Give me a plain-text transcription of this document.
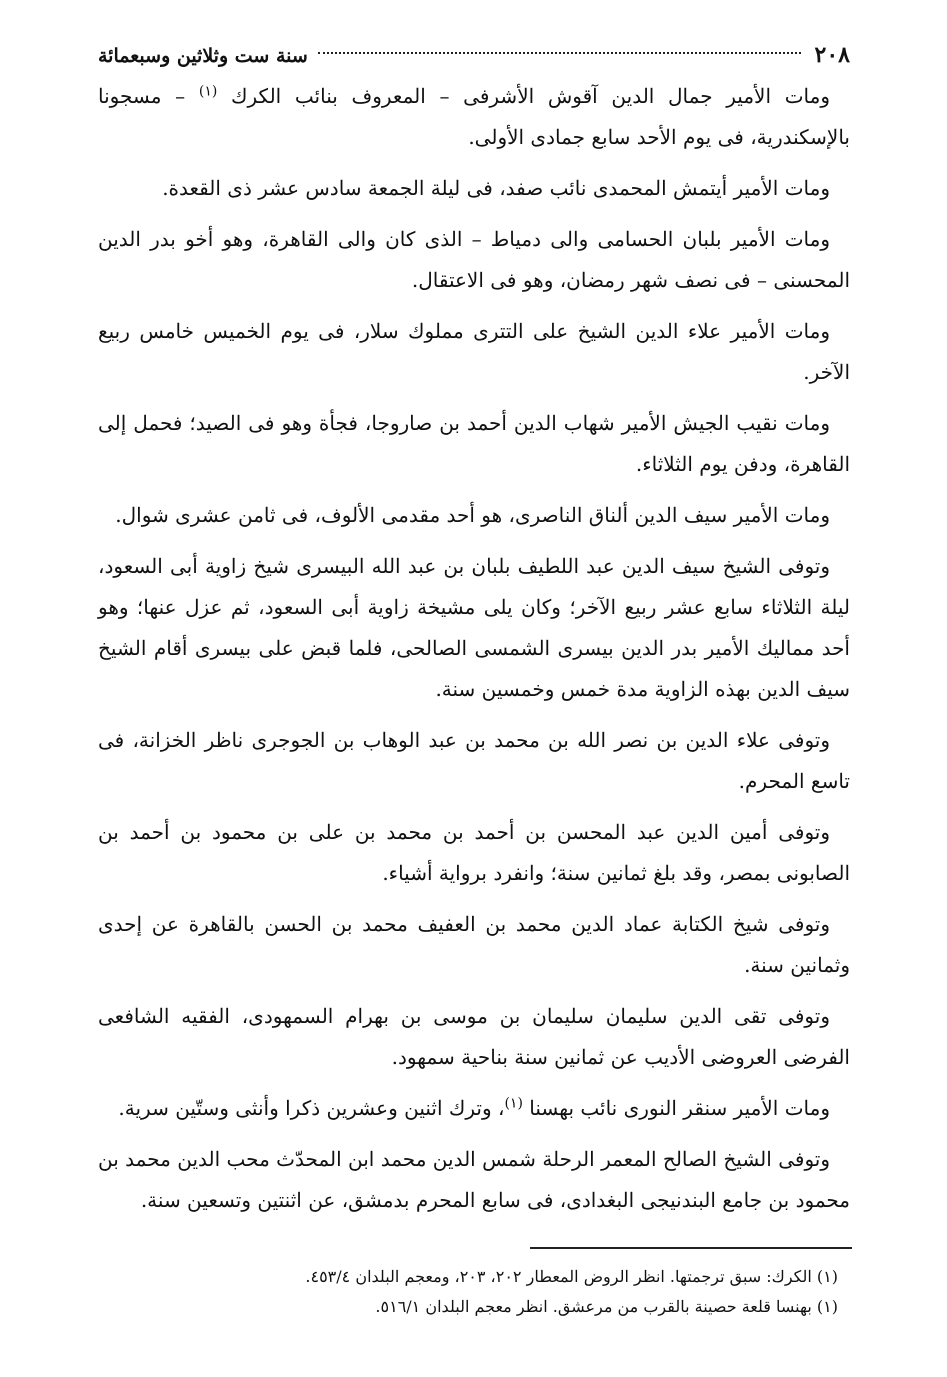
٢٠٨
سنة ست وثلاثين وسبعمائة

ومات الأمير جمال الدين آقوش الأشرفى – المعروف بنائب الكرك $^{(١)}$ – مسجونا بالإسكندرية، فى يوم الأحد سابع جمادى الأولى.

ومات الأمير أيتمش المحمدى نائب صفد، فى ليلة الجمعة سادس عشر ذى القعدة.

ومات الأمير بلبان الحسامى والى دمياط – الذى كان والى القاهرة، وهو أخو بدر الدين المحسنى – فى نصف شهر رمضان، وهو فى الاعتقال.

ومات الأمير علاء الدين الشيخ على التترى مملوك سلار، فى يوم الخميس خامس ربيع الآخر.

ومات نقيب الجيش الأمير شهاب الدين أحمد بن صاروجا، فجأة وهو فى الصيد؛ فحمل إلى القاهرة، ودفن يوم الثلاثاء.

ومات الأمير سيف الدين ألناق الناصرى، هو أحد مقدمى الألوف، فى ثامن عشرى شوال.

وتوفى الشيخ سيف الدين عبد اللطيف بلبان بن عبد الله البيسرى شيخ زاوية أبى السعود، ليلة الثلاثاء سابع عشر ربيع الآخر؛ وكان يلى مشيخة زاوية أبى السعود، ثم عزل عنها؛ وهو أحد مماليك الأمير بدر الدين بيسرى الشمسى الصالحى، فلما قبض على بيسرى أقام الشيخ سيف الدين بهذه الزاوية مدة خمس وخمسين سنة.

وتوفى علاء الدين بن نصر الله بن محمد بن عبد الوهاب بن الجوجرى ناظر الخزانة، فى تاسع المحرم.

وتوفى أمين الدين عبد المحسن بن أحمد بن محمد بن على بن محمود بن أحمد بن الصابونى بمصر، وقد بلغ ثمانين سنة؛ وانفرد برواية أشياء.

وتوفى شيخ الكتابة عماد الدين محمد بن العفيف محمد بن الحسن بالقاهرة عن إحدى وثمانين سنة.

وتوفى تقى الدين سليمان سليمان بن موسى بن بهرام السمهودى، الفقيه الشافعى الفرضى العروضى الأديب عن ثمانين سنة بناحية سمهود.

ومات الأمير سنقر النورى نائب بهسنا $^{(١)}$، وترك اثنين وعشرين ذكرا وأنثى وستّين سرية.

وتوفى الشيخ الصالح المعمر الرحلة شمس الدين محمد ابن المحدّث محب الدين محمد بن محمود بن جامع البندنيجى البغدادى، فى سابع المحرم بدمشق، عن اثنتين وتسعين سنة.

(١) الكرك: سبق ترجمتها. انظر الروض المعطار ٢٠٢، ٢٠٣، ومعجم البلدان ٤٥٣/٤.

(١) بهنسا قلعة حصينة بالقرب من مرعشق. انظر معجم البلدان ٥١٦/١.
